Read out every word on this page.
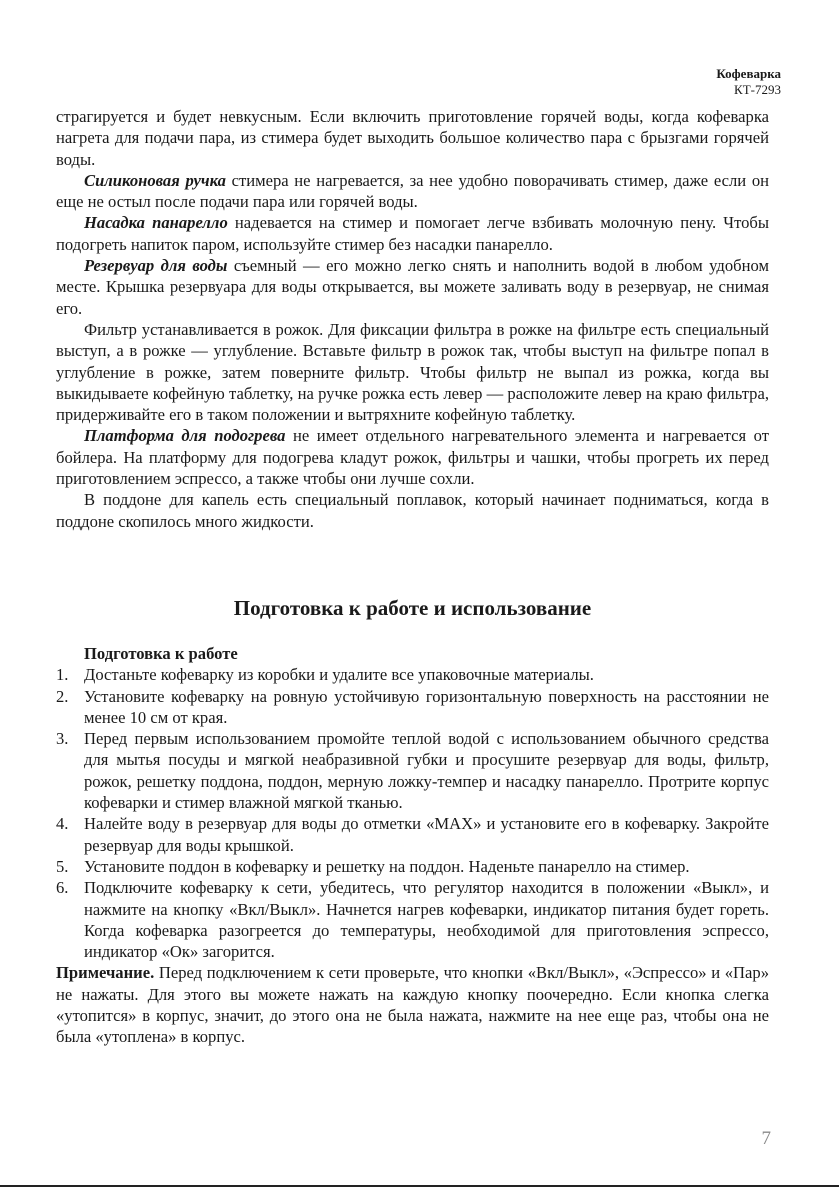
Кофеварка
КТ-7293

страгируется и будет невкусным. Если включить приготовление горячей воды, когда кофеварка нагрета для подачи пара, из стимера будет выходить большое количество пара с брызгами горячей воды.

Силиконовая ручка стимера не нагревается, за нее удобно поворачивать стимер, даже если он еще не остыл после подачи пара или горячей воды.

Насадка панарелло надевается на стимер и помогает легче взбивать молочную пену. Чтобы подогреть напиток паром, используйте стимер без насадки панарелло.

Резервуар для воды съемный — его можно легко снять и наполнить водой в любом удобном месте. Крышка резервуара для воды открывается, вы можете заливать воду в резервуар, не снимая его.

Фильтр устанавливается в рожок. Для фиксации фильтра в рожке на фильтре есть специальный выступ, а в рожке — углубление. Вставьте фильтр в рожок так, чтобы выступ на фильтре попал в углубление в рожке, затем поверните фильтр. Чтобы фильтр не выпал из рожка, когда вы выкидываете кофейную таблетку, на ручке рожка есть левер — расположите левер на краю фильтра, придерживайте его в таком положении и вытряхните кофейную таблетку.

Платформа для подогрева не имеет отдельного нагревательного элемента и нагревается от бойлера. На платформу для подогрева кладут рожок, фильтры и чашки, чтобы прогреть их перед приготовлением эспрессо, а также чтобы они лучше сохли.

В поддоне для капель есть специальный поплавок, который начинает подниматься, когда в поддоне скопилось много жидкости.

Подготовка к работе и использование
Подготовка к работе
1. Достаньте кофеварку из коробки и удалите все упаковочные материалы.
2. Установите кофеварку на ровную устойчивую горизонтальную поверхность на расстоянии не менее 10 см от края.
3. Перед первым использованием промойте теплой водой с использованием обычного средства для мытья посуды и мягкой неабразивной губки и просушите резервуар для воды, фильтр, рожок, решетку поддона, поддон, мерную ложку-темпер и насадку панарелло. Протрите корпус кофеварки и стимер влажной мягкой тканью.
4. Налейте воду в резервуар для воды до отметки «МАХ» и установите его в кофеварку. Закройте резервуар для воды крышкой.
5. Установите поддон в кофеварку и решетку на поддон. Наденьте панарелло на стимер.
6. Подключите кофеварку к сети, убедитесь, что регулятор находится в положении «Выкл», и нажмите на кнопку «Вкл/Выкл». Начнется нагрев кофеварки, индикатор питания будет гореть. Когда кофеварка разогреется до температуры, необходимой для приготовления эспрессо, индикатор «Ок» загорится.

Примечание. Перед подключением к сети проверьте, что кнопки «Вкл/Выкл», «Эспрессо» и «Пар» не нажаты. Для этого вы можете нажать на каждую кнопку поочередно. Если кнопка слегка «утопится» в корпус, значит, до этого она не была нажата, нажмите на нее еще раз, чтобы она не была «утоплена» в корпус.

7
